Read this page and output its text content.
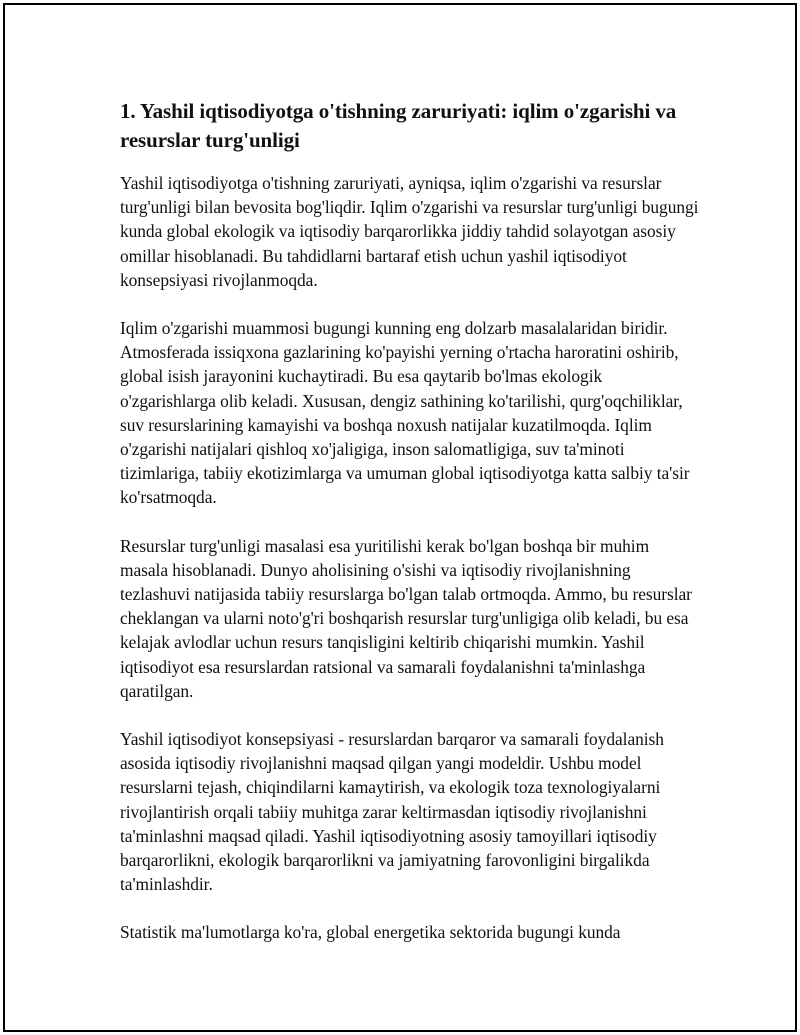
1. Yashil iqtisodiyotga o'tishning zaruriyati: iqlim o'zgarishi va resurslar turg'unligi

Yashil iqtisodiyotga o'tishning zaruriyati, ayniqsa, iqlim o'zgarishi va resurslar turg'unligi bilan bevosita bog'liqdir. Iqlim o'zgarishi va resurslar turg'unligi bugungi kunda global ekologik va iqtisodiy barqarorlikka jiddiy tahdid solayotgan asosiy omillar hisoblanadi. Bu tahdidlarni bartaraf etish uchun yashil iqtisodiyot konsepsiyasi rivojlanmoqda.

Iqlim o'zgarishi muammosi bugungi kunning eng dolzarb masalalaridan biridir. Atmosferada issiqxona gazlarining ko'payishi yerning o'rtacha haroratini oshirib, global isish jarayonini kuchaytiradi. Bu esa qaytarib bo'lmas ekologik o'zgarishlarga olib keladi. Xususan, dengiz sathining ko'tarilishi, qurg'oqchiliklar, suv resurslarining kamayishi va boshqa noxush natijalar kuzatilmoqda. Iqlim o'zgarishi natijalari qishloq xo'jaligiga, inson salomatligiga, suv ta'minoti tizimlariga, tabiiy ekotizimlarga va umuman global iqtisodiyotga katta salbiy ta'sir ko'rsatmoqda.

Resurslar turg'unligi masalasi esa yuritilishi kerak bo'lgan boshqa bir muhim masala hisoblanadi. Dunyo aholisining o'sishi va iqtisodiy rivojlanishning tezlashuvi natijasida tabiiy resurslarga bo'lgan talab ortmoqda. Ammo, bu resurslar cheklangan va ularni noto'g'ri boshqarish resurslar turg'unligiga olib keladi, bu esa kelajak avlodlar uchun resurs tanqisligini keltirib chiqarishi mumkin. Yashil iqtisodiyot esa resurslardan ratsional va samarali foydalanishni ta'minlashga qaratilgan.

Yashil iqtisodiyot konsepsiyasi - resurslardan barqaror va samarali foydalanish asosida iqtisodiy rivojlanishni maqsad qilgan yangi modeldir. Ushbu model resurslarni tejash, chiqindilarni kamaytirish, va ekologik toza texnologiyalarni rivojlantirish orqali tabiiy muhitga zarar keltirmasdan iqtisodiy rivojlanishni ta'minlashni maqsad qiladi. Yashil iqtisodiyotning asosiy tamoyillari iqtisodiy barqarorlikni, ekologik barqarorlikni va jamiyatning farovonligini birgalikda ta'minlashdir.

Statistik ma'lumotlarga ko'ra, global energetika sektorida bugungi kunda
